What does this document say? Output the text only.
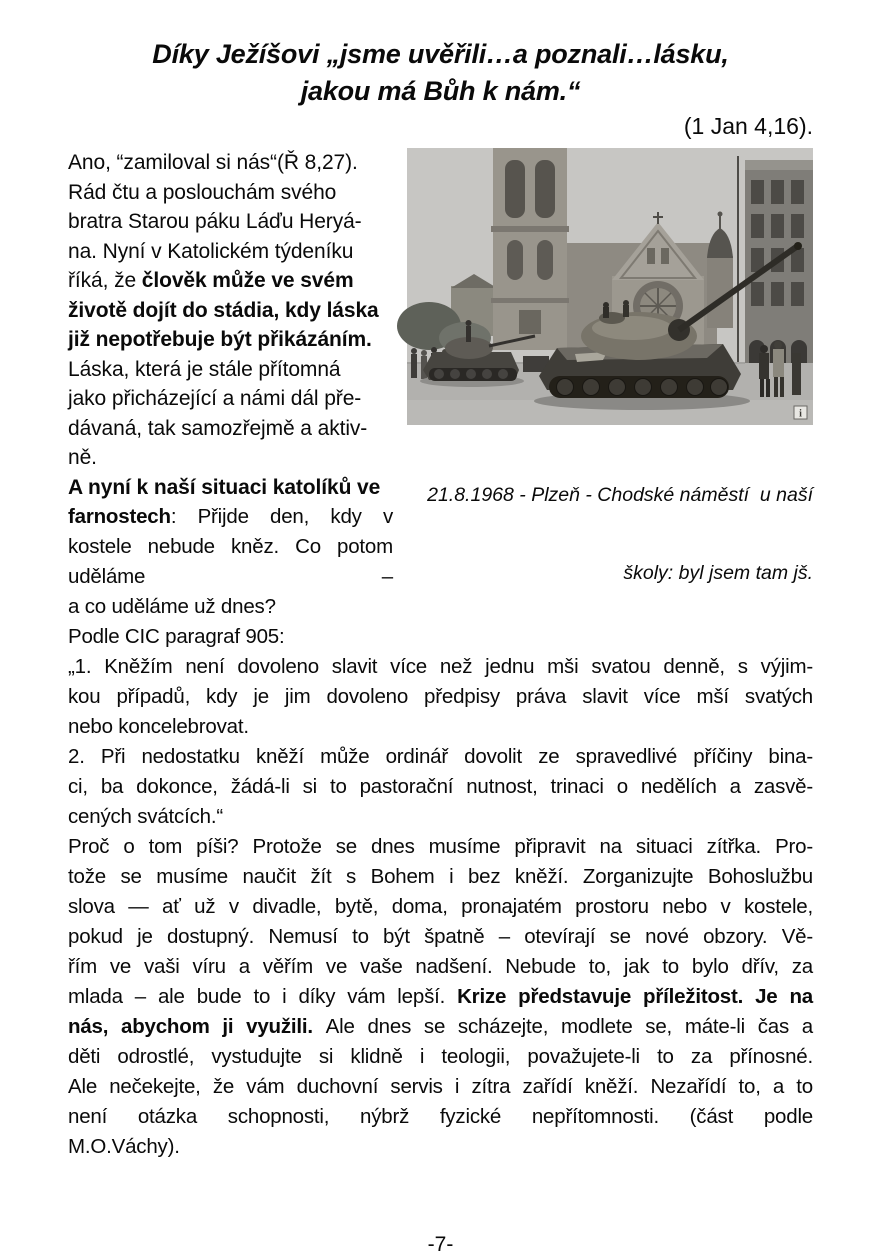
Díky Ježíšovi „jsme uvěřili…a poznali…lásku,
jakou má Bůh k nám.“
(1 Jan 4,16).
i

21.8.1968 - Plzeň - Chodské náměstí  u naší

školy: byl jsem tam jš.

Ano, “zamiloval si nás“(Ř 8,27).
Rád čtu a poslouchám svého
bratra Starou páku Láďu Heryá-
na. Nyní v Katolickém týdeníku
říká, že člověk může ve svém
životě dojít do stádia, kdy láska
již nepotřebuje být přikázáním.
Láska, která je stále přítomná
jako přicházející a námi dál pře-
dávaná, tak samozřejmě a aktiv-
ně.
A nyní k naší situaci katolíků ve
farnostech: Přijde den, kdy v kostele nebude kněz. Co potom uděláme –
a co uděláme už dnes?
Podle CIC paragraf 905:
„1. Kněžím není dovoleno slavit více než jednu mši svatou denně, s výjim-
kou případů, kdy je jim dovoleno předpisy práva slavit více mší svatých
nebo koncelebrovat.
2. Při nedostatku kněží může ordinář dovolit ze spravedlivé příčiny bina-
ci, ba dokonce, žádá-li si to pastorační nutnost, trinaci o nedělích a zasvě-
cených svátcích.“
Proč o tom píši? Protože se dnes musíme připravit na situaci zítřka. Pro-
tože se musíme naučit žít s Bohem i bez kněží. Zorganizujte Bohoslužbu
slova — ať už v divadle, bytě, doma, pronajatém prostoru nebo v kostele,
pokud je dostupný. Nemusí to být špatně – otevírají se nové obzory. Vě-
řím ve vaši víru a věřím ve vaše nadšení. Nebude to, jak to bylo dřív, za
mlada – ale bude to i díky vám lepší. Krize představuje příležitost. Je na
nás, abychom ji využili. Ale dnes se scházejte, modlete se, máte-li čas a
děti odrostlé, vystudujte si klidně i teologii, považujete-li to za přínosné.
Ale nečekejte, že vám duchovní servis i zítra zařídí kněží. Nezařídí to, a to
není otázka schopnosti, nýbrž fyzické nepřítomnosti. (část podle
M.O.Váchy).
-7-
